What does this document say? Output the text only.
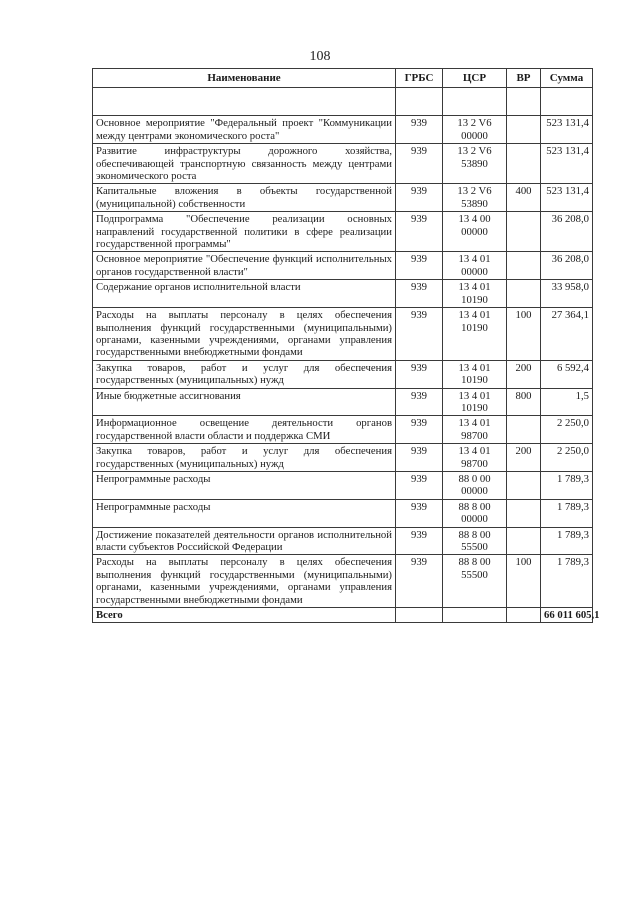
108
Наименование	ГРБС	ЦСР	ВР	Сумма

Основное мероприятие "Федеральный проект "Коммуникации между центрами экономического роста"	939	13 2 V6 00000		523 131,4
Развитие инфраструктуры дорожного хозяйства, обеспечивающей транспортную связанность между центрами экономического роста	939	13 2 V6 53890		523 131,4
Капитальные вложения в объекты государственной (муниципальной) собственности	939	13 2 V6 53890	400	523 131,4
Подпрограмма "Обеспечение реализации основных направлений государственной политики в сфере реализации государственной программы"	939	13 4 00 00000		36 208,0
Основное мероприятие "Обеспечение функций исполнительных органов государственной власти"	939	13 4 01 00000		36 208,0
Содержание органов исполнительной власти	939	13 4 01 10190		33 958,0
Расходы на выплаты персоналу в целях обеспечения выполнения функций государственными (муниципальными) органами, казенными учреждениями, органами управления государственными внебюджетными фондами	939	13 4 01 10190	100	27 364,1
Закупка товаров, работ и услуг для обеспечения государственных (муниципальных) нужд	939	13 4 01 10190	200	6 592,4
Иные бюджетные ассигнования	939	13 4 01 10190	800	1,5
Информационное освещение деятельности органов государственной власти области и поддержка СМИ	939	13 4 01 98700		2 250,0
Закупка товаров, работ и услуг для обеспечения государственных (муниципальных) нужд	939	13 4 01 98700	200	2 250,0
Непрограммные расходы	939	88 0 00 00000		1 789,3
Непрограммные расходы	939	88 8 00 00000		1 789,3
Достижение показателей деятельности органов исполнительной власти субъектов Российской Федерации	939	88 8 00 55500		1 789,3
Расходы на выплаты персоналу в целях обеспечения выполнения функций государственными (муниципальными) органами, казенными учреждениями, органами управления государственными внебюджетными фондами	939	88 8 00 55500	100	1 789,3
Всего				66 011 605,1
